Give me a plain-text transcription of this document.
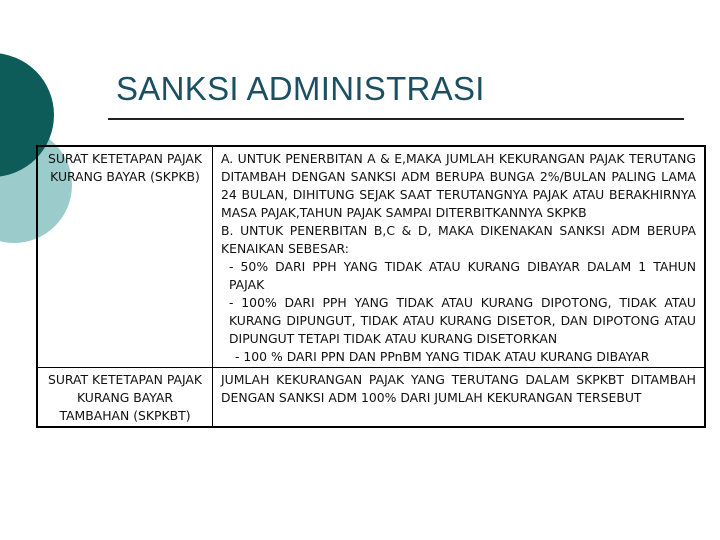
SANKSI ADMINISTRASI
SURAT KETETAPAN PAJAK KURANG BAYAR (SKPKB)	A. UNTUK PENERBITAN A & E,MAKA JUMLAH KEKURANGAN PAJAK TERUTANG DITAMBAH DENGAN SANKSI ADM BERUPA BUNGA 2%/BULAN PALING LAMA 24 BULAN, DIHITUNG SEJAK SAAT TERUTANGNYA PAJAK ATAU BERAKHIRNYA MASA PAJAK,TAHUN PAJAK SAMPAI DITERBITKANNYA SKPKB
B. UNTUK PENERBITAN B,C & D, MAKA DIKENAKAN SANKSI ADM BERUPA KENAIKAN SEBESAR:
- 50% DARI PPH YANG TIDAK ATAU KURANG DIBAYAR DALAM 1 TAHUN PAJAK
- 100% DARI PPH YANG TIDAK ATAU KURANG DIPOTONG, TIDAK ATAU KURANG DIPUNGUT, TIDAK ATAU KURANG DISETOR, DAN DIPOTONG ATAU DIPUNGUT TETAPI TIDAK ATAU KURANG DISETORKAN
- 100 % DARI PPN DAN PPnBM YANG TIDAK ATAU KURANG DIBAYAR

SURAT KETETAPAN PAJAK KURANG BAYAR TAMBAHAN (SKPKBT)	JUMLAH KEKURANGAN PAJAK YANG TERUTANG DALAM SKPKBT DITAMBAH DENGAN SANKSI ADM 100% DARI JUMLAH KEKURANGAN TERSEBUT
